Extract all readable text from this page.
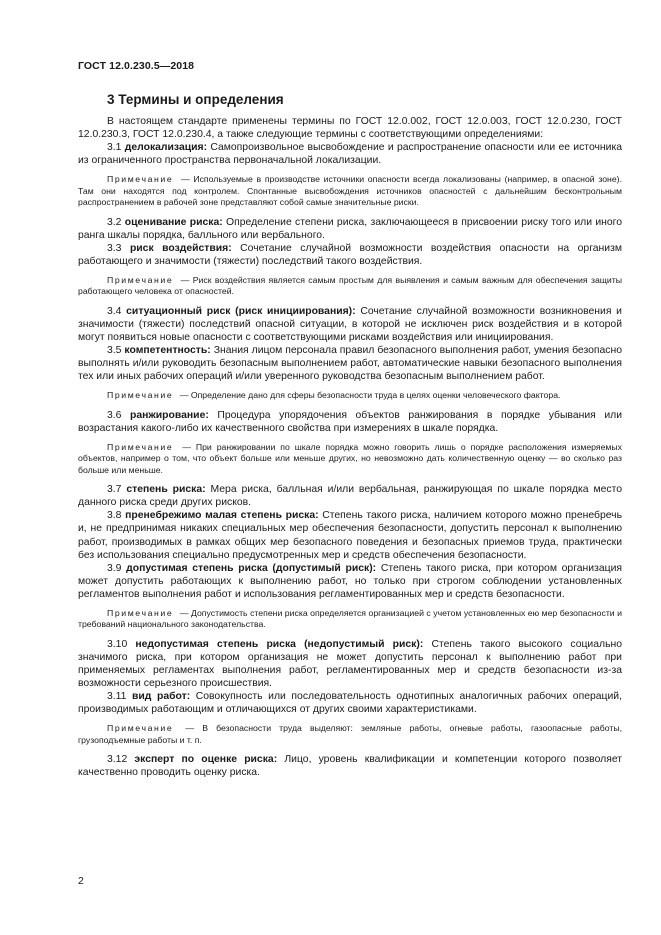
ГОСТ 12.0.230.5—2018
3 Термины и определения

В настоящем стандарте применены термины по ГОСТ 12.0.002, ГОСТ 12.0.003, ГОСТ 12.0.230, ГОСТ 12.0.230.3, ГОСТ 12.0.230.4, а также следующие термины с соответствующими определениями:

3.1 делокализация: Самопроизвольное высвобождение и распространение опасности или ее источника из ограниченного пространства первоначальной локализации.

Примечание — Используемые в производстве источники опасности всегда локализованы (например, в опасной зоне). Там они находятся под контролем. Спонтанные высвобождения источников опасностей с дальнейшим бесконтрольным распространением в рабочей зоне представляют собой самые значительные риски.

3.2 оценивание риска: Определение степени риска, заключающееся в присвоении риску того или иного ранга шкалы порядка, балльного или вербального.

3.3 риск воздействия: Сочетание случайной возможности воздействия опасности на организм работающего и значимости (тяжести) последствий такого воздействия.

Примечание — Риск воздействия является самым простым для выявления и самым важным для обеспечения защиты работающего человека от опасностей.

3.4 ситуационный риск (риск инициирования): Сочетание случайной возможности возникновения и значимости (тяжести) последствий опасной ситуации, в которой не исключен риск воздействия и в которой могут появиться новые опасности с соответствующими рисками воздействия или инициирования.

3.5 компетентность: Знания лицом персонала правил безопасного выполнения работ, умения безопасно выполнять и/или руководить безопасным выполнением работ, автоматические навыки безопасного выполнения тех или иных рабочих операций и/или уверенного руководства безопасным выполнением работ.

Примечание — Определение дано для сферы безопасности труда в целях оценки человеческого фактора.

3.6 ранжирование: Процедура упорядочения объектов ранжирования в порядке убывания или возрастания какого-либо их качественного свойства при измерениях в шкале порядка.

Примечание — При ранжировании по шкале порядка можно говорить лишь о порядке расположения измеряемых объектов, например о том, что объект больше или меньше других, но невозможно дать количественную оценку — во сколько раз больше или меньше.

3.7 степень риска: Мера риска, балльная и/или вербальная, ранжирующая по шкале порядка место данного риска среди других рисков.

3.8 пренебрежимо малая степень риска: Степень такого риска, наличием которого можно пренебречь и, не предпринимая никаких специальных мер обеспечения безопасности, допустить персонал к выполнению работ, производимых в рамках общих мер безопасного поведения и безопасных приемов труда, практически без использования специально предусмотренных мер и средств обеспечения безопасности.

3.9 допустимая степень риска (допустимый риск): Степень такого риска, при котором организация может допустить работающих к выполнению работ, но только при строгом соблюдении установленных регламентов выполнения работ и использования регламентированных мер и средств безопасности.

Примечание — Допустимость степени риска определяется организацией с учетом установленных ею мер безопасности и требований национального законодательства.

3.10 недопустимая степень риска (недопустимый риск): Степень такого высокого социально значимого риска, при котором организация не может допустить персонал к выполнению работ при применяемых регламентах выполнения работ, регламентированных мер и средств безопасности из-за возможности серьезного происшествия.

3.11 вид работ: Совокупность или последовательность однотипных аналогичных рабочих операций, производимых работающим и отличающихся от других своими характеристиками.

Примечание — В безопасности труда выделяют: земляные работы, огневые работы, газоопасные работы, грузоподъемные работы и т. п.

3.12 эксперт по оценке риска: Лицо, уровень квалификации и компетенции которого позволяет качественно проводить оценку риска.

2
